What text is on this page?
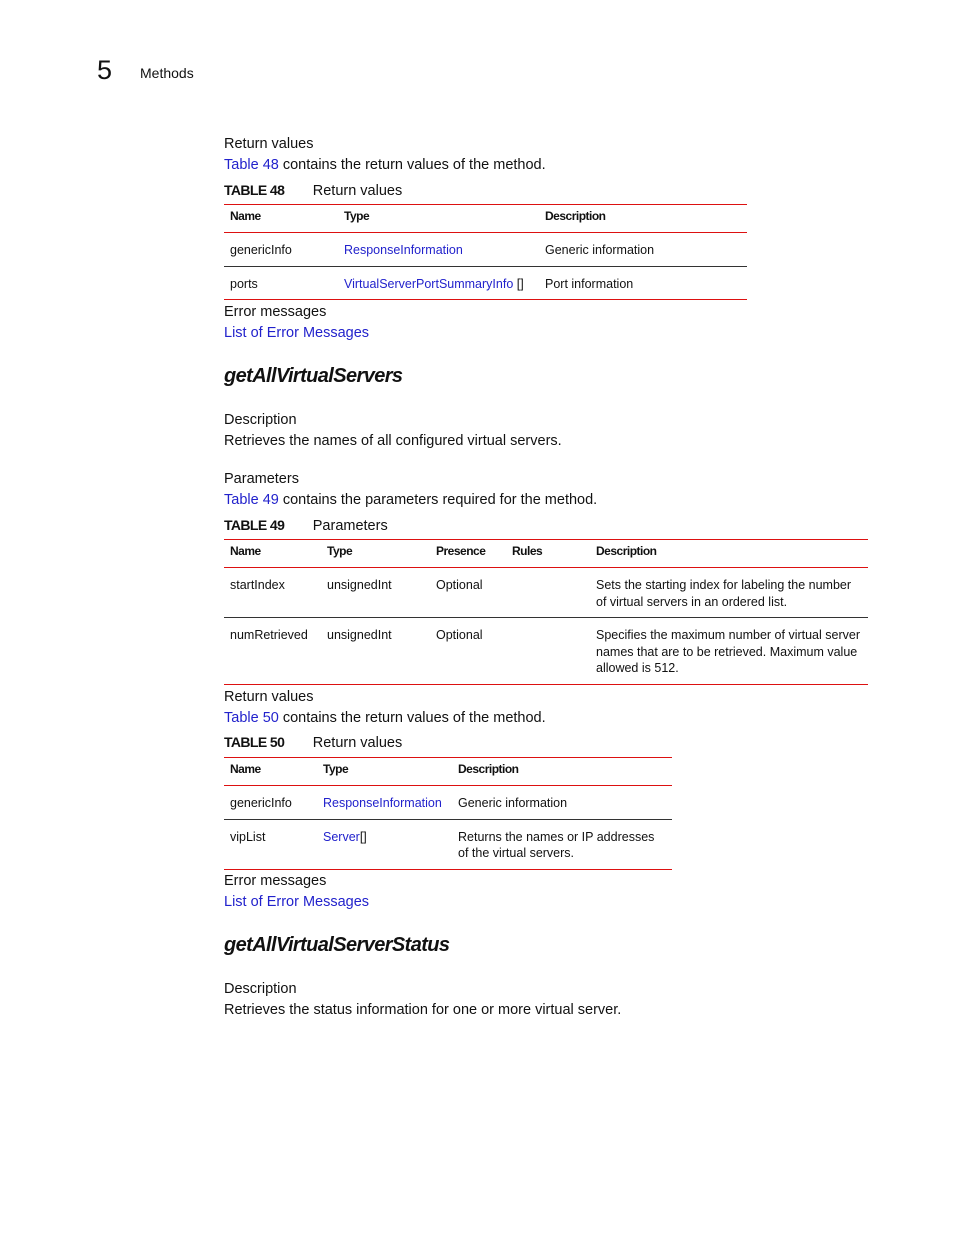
5 Methods
Return values
Table 48 contains the return values of the method.
TABLE 48 Return values
Name	Type	Description
genericInfo	ResponseInformation	Generic information
ports	VirtualServerPortSummaryInfo []	Port information
Error messages
List of Error Messages
getAllVirtualServers
Description
Retrieves the names of all configured virtual servers.
Parameters
Table 49 contains the parameters required for the method.
TABLE 49 Parameters
Name	Type	Presence	Rules	Description
startIndex	unsignedInt	Optional		Sets the starting index for labeling the number of virtual servers in an ordered list.
numRetrieved	unsignedInt	Optional		Specifies the maximum number of virtual server names that are to be retrieved. Maximum value allowed is 512.
Return values
Table 50 contains the return values of the method.
TABLE 50 Return values
Name	Type	Description
genericInfo	ResponseInformation	Generic information
vipList	Server[]	Returns the names or IP addresses of the virtual servers.
Error messages
List of Error Messages
getAllVirtualServerStatus
Description
Retrieves the status information for one or more virtual server.
